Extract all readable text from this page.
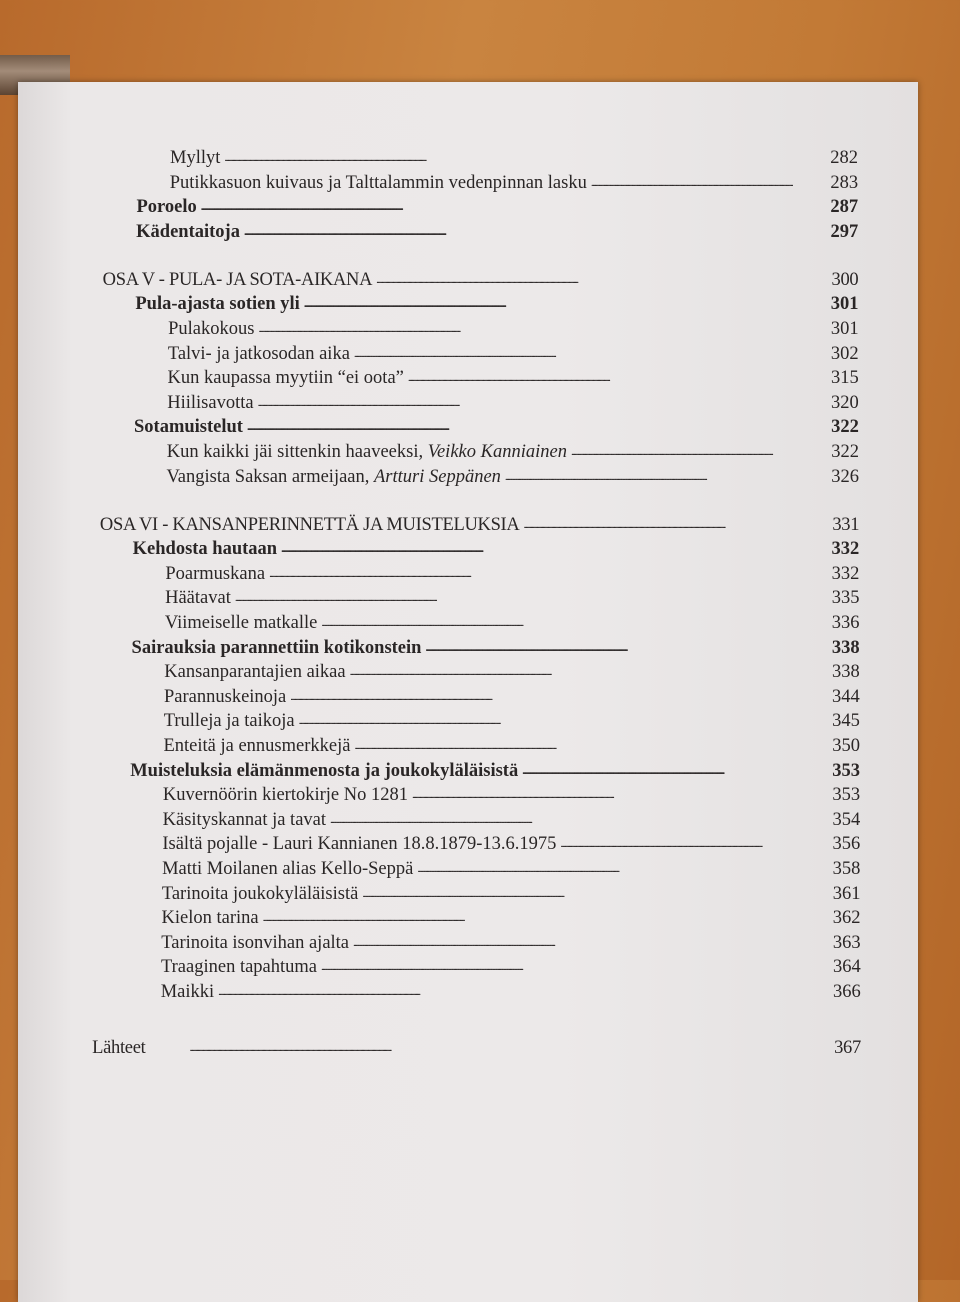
Myllyt . . .	282
Putikkasuon kuivaus ja Talttalammin vedenpinnan lasku . . .	283
Poroelo . . .	287
Kädentaitoja . . .	297
OSA V - PULA- JA SOTA-AIKANA . . .	300
Pula-ajasta sotien yli . . .	301
Pulakokous . . .	301
Talvi- ja jatkosodan aika . . .	302
Kun kaupassa myytiin “ei oota” . . .	315
Hiilisavotta . . .	320
Sotamuistelut . . .	322
Kun kaikki jäi sittenkin haaveeksi, Veikko Kanniainen . . .	322
Vangista Saksan armeijaan, Artturi Seppänen . . .	326
OSA VI - KANSANPERINNETTÄ JA MUISTELUKSIA . . .	331
Kehdosta hautaan . . .	332
Poarmuskana . . .	332
Häätavat . . .	335
Viimeiselle matkalle . . .	336
Sairauksia parannettiin kotikonstein . . .	338
Kansanparantajien aikaa . . .	338
Parannuskeinoja . . .	344
Trulleja ja taikoja . . .	345
Enteitä ja ennusmerkkejä . . .	350
Muisteluksia elämänmenosta ja joukokyläläisistä . . .	353
Kuvernöörin kiertokirje No 1281 . . .	353
Käsityskannat ja tavat . . .	354
Isältä pojalle - Lauri Kannianen 18.8.1879-13.6.1975 . . .	356
Matti Moilanen alias Kello-Seppä . . .	358
Tarinoita joukokyläläisistä . . .	361
Kielon tarina . . .	362
Tarinoita isonvihan ajalta . . .	363
Traaginen tapahtuma . . .	364
Maikki . . .	366
Lähteet . . .	367
